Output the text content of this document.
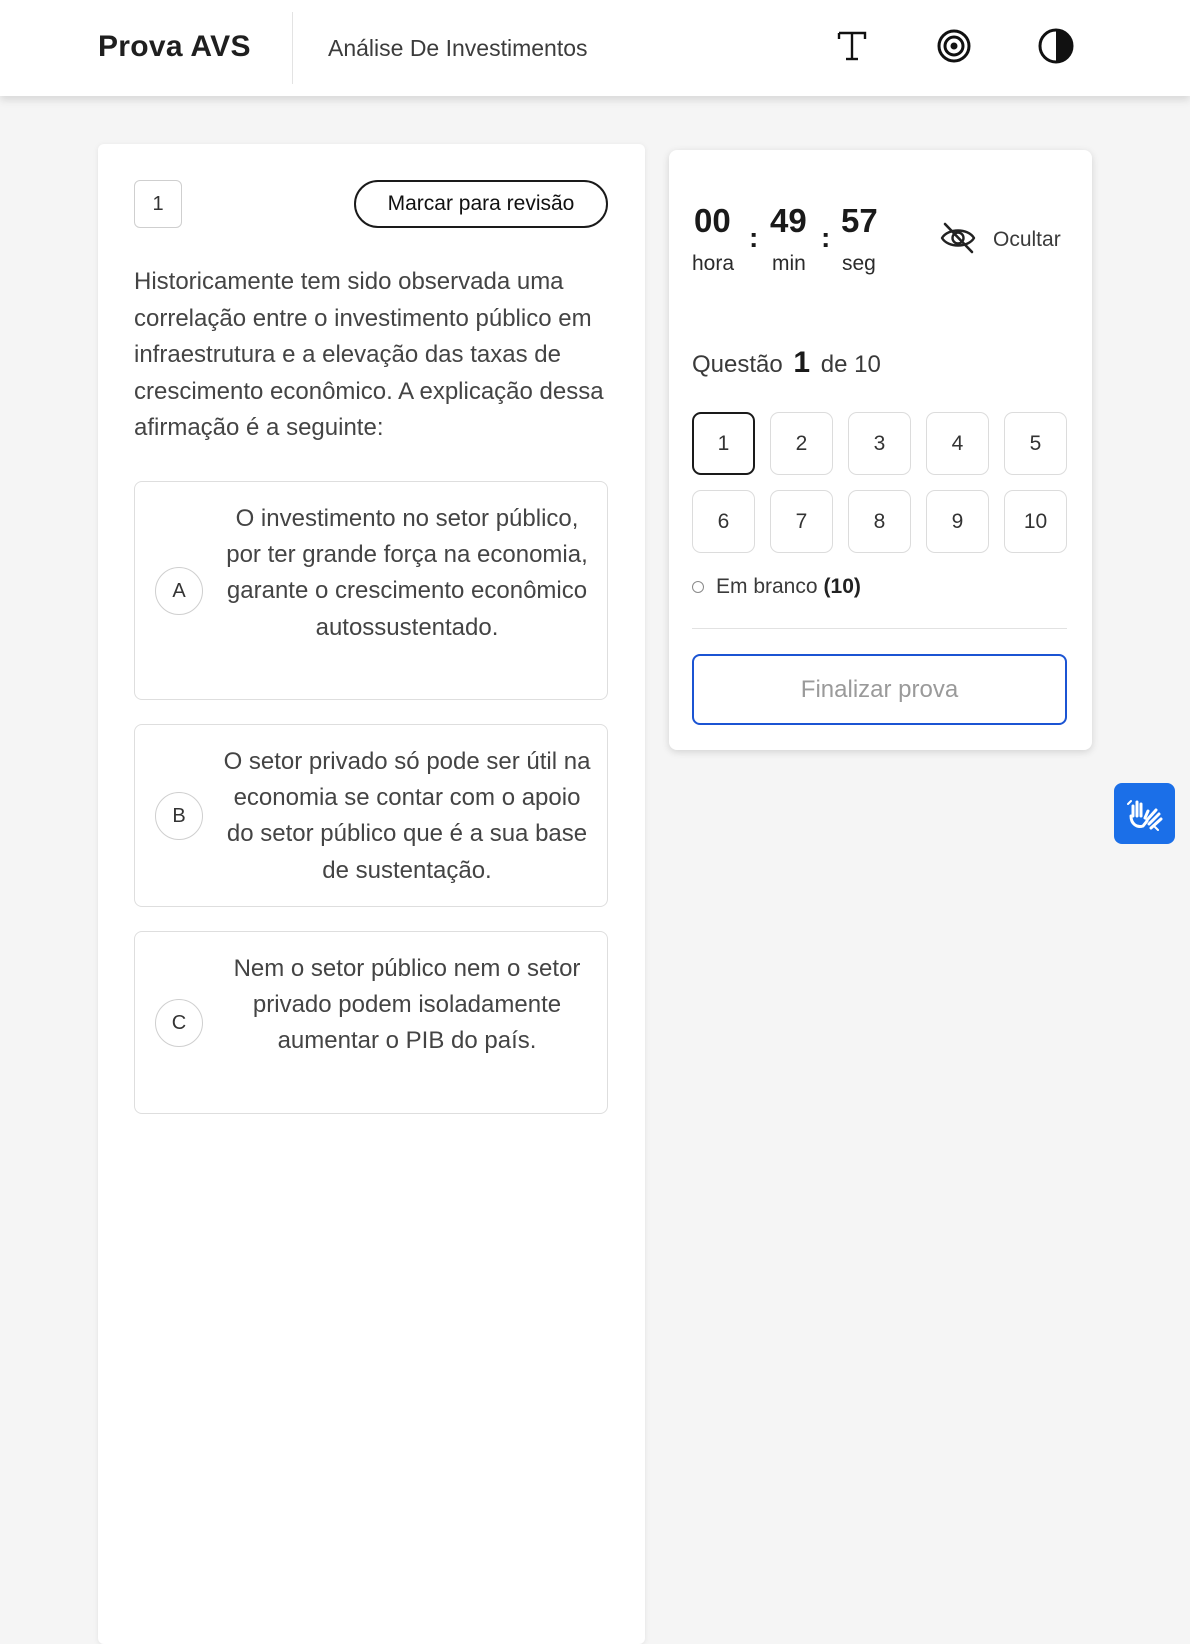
Prova AVS	Análise De Investimentos
1	Marcar para revisão
Historicamente tem sido observada uma correlação entre o investimento público em infraestrutura e a elevação das taxas de crescimento econômico. A explicação dessa afirmação é a seguinte:
A
O investimento no setor público, por ter grande força na economia, garante o crescimento econômico autossustentado.
B
O setor privado só pode ser útil na economia se contar com o apoio do setor público que é a sua base de sustentação.
C
Nem o setor público nem o setor privado podem isoladamente aumentar o PIB do país.
00 : 49 : 57
hora min seg
Ocultar
Questão 1 de 10
1	2	3	4	5
6	7	8	9	10
Em branco (10)
Finalizar prova
